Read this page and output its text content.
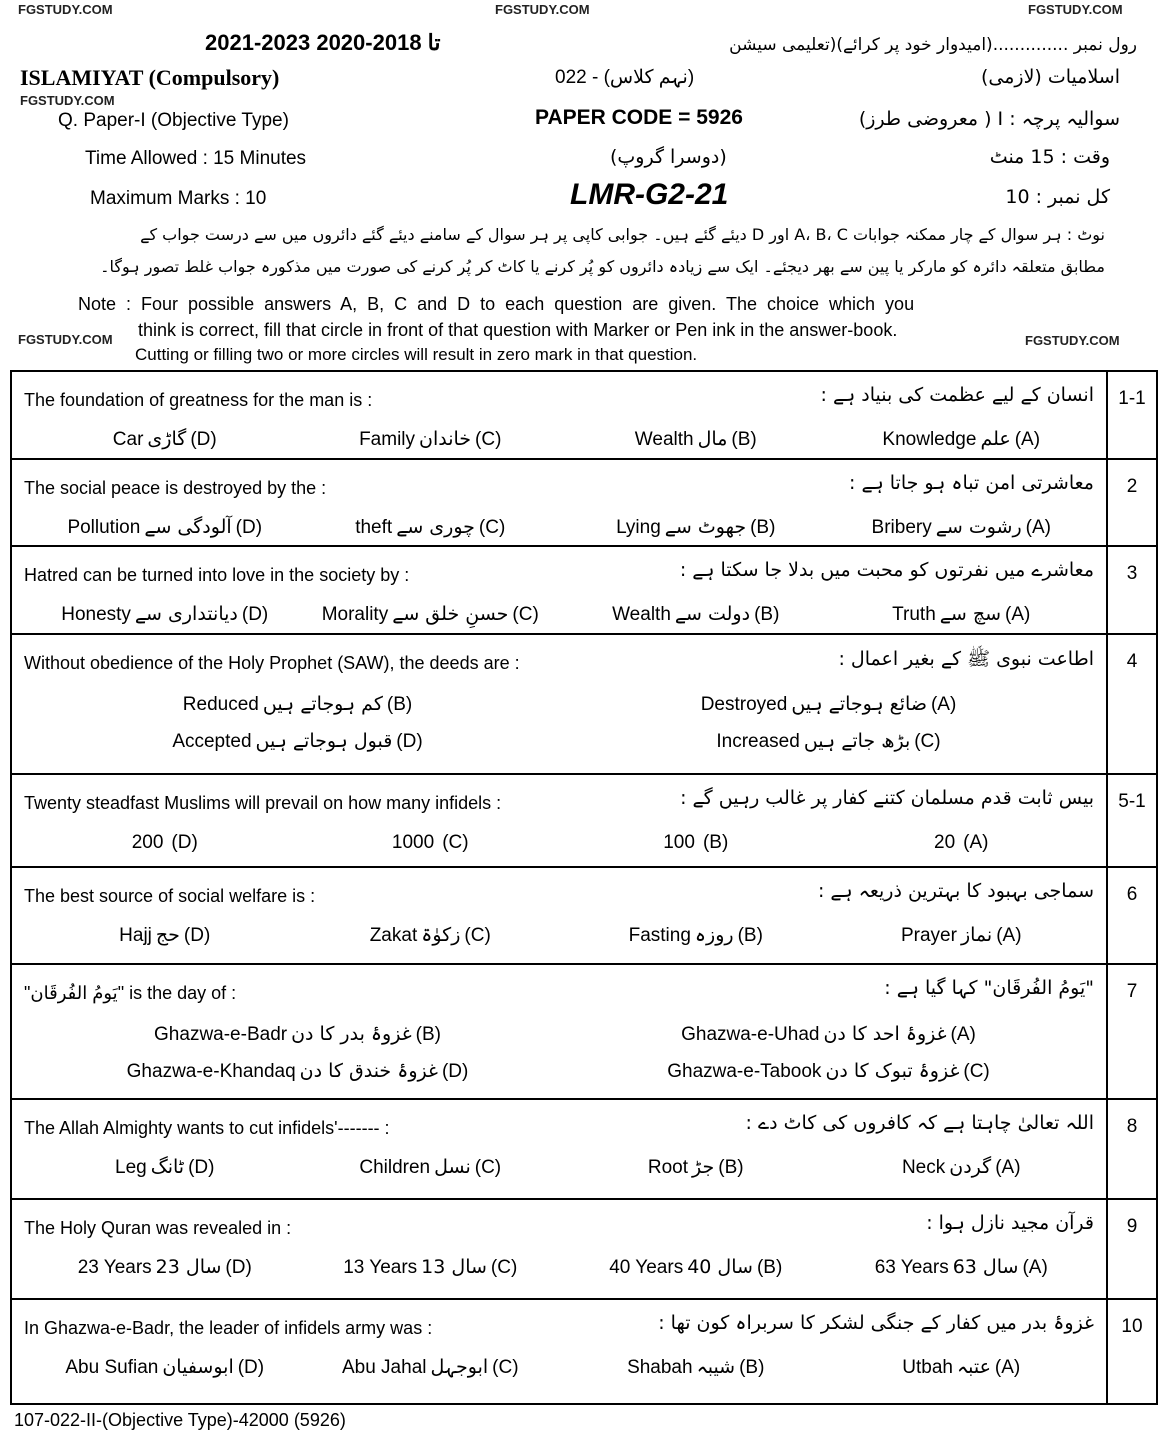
FGSTUDY.COM	FGSTUDY.COM	FGSTUDY.COM
رول نمبر ..............(امیدوار خود پر کرائے)(تعلیمی سیشن
2021-2023 تا 2018-2020
ISLAMIYAT (Compulsory)	022 - (نہم کلاس)	اسلامیات (لازمی)
FGSTUDY.COM
Q. Paper-I (Objective Type)	PAPER CODE = 5926	سوالیہ پرچہ : I ( معروضی طرز)
Time Allowed : 15 Minutes	(دوسرا گروپ)	وقت : 15 منٹ
Maximum Marks : 10	LMR-G2-21	کل نمبر : 10
نوٹ : ہر سوال کے چار ممکنہ جوابات A، B، C اور D دیئے گئے ہیں۔ جوابی کاپی پر ہر سوال کے سامنے دیئے گئے دائروں میں سے درست جواب کے
مطابق متعلقہ دائرہ کو مارکر یا پین سے بھر دیجئے۔ ایک سے زیادہ دائروں کو پُر کرنے یا کاٹ کر پُر کرنے کی صورت میں مذکورہ جواب غلط تصور ہوگا۔
Note : Four possible answers A, B, C and D to each question are given. The choice which you
think is correct, fill that circle in front of that question with Marker or Pen ink in the answer-book.
FGSTUDY.COM	FGSTUDY.COM
Cutting or filling two or more circles will result in zero mark in that question.
1-1
The foundation of greatness for the man is :	انسان کے لیے عظمت کی بنیاد ہے :
Car گاڑی (D)	Family خاندان (C)	Wealth مال (B)	Knowledge علم (A)
2
The social peace is destroyed by the :	معاشرتی امن تباہ ہو جاتا ہے :
Pollution آلودگی سے (D)	theft چوری سے (C)	Lying جھوٹ سے (B)	Bribery رشوت سے (A)
3
Hatred can be turned into love in the society by :	معاشرے میں نفرتوں کو محبت میں بدلا جا سکتا ہے :
Honesty دیانتداری سے (D)	Morality حسنِ خلق سے (C)	Wealth دولت سے (B)	Truth سچ سے (A)
4
Without obedience of the Holy Prophet (SAW), the deeds are :	اطاعت نبوی ﷺ کے بغیر اعمال :
Reduced کم ہوجاتے ہیں (B)	Destroyed ضائع ہوجاتے ہیں (A)
Accepted قبول ہوجاتے ہیں (D)	Increased بڑھ جاتے ہیں (C)
5-1
Twenty steadfast Muslims will prevail on how many infidels :	بیس ثابت قدم مسلمان کتنے کفار پر غالب رہیں گے :
200 (D)	1000 (C)	100 (B)	20 (A)
6
The best source of social welfare is :	سماجی بہبود کا بہترین ذریعہ ہے :
Hajj حج (D)	Zakat زکوٰۃ (C)	Fasting روزہ (B)	Prayer نماز (A)
7
"یَومُ الفُرقَان" is the day of :	"یَومُ الفُرقَان" کہا گیا ہے :
Ghazwa-e-Badr غزوۂ بدر کا دن (B)	Ghazwa-e-Uhad غزوۂ احد کا دن (A)
Ghazwa-e-Khandaq غزوۂ خندق کا دن (D)	Ghazwa-e-Tabook غزوۂ تبوک کا دن (C)
8
The Allah Almighty wants to cut infidels'------- :	اللہ تعالیٰ چاہتا ہے کہ کافروں کی کاٹ دے :
Leg ٹانگ (D)	Children نسل (C)	Root جڑ (B)	Neck گردن (A)
9
The Holy Quran was revealed in :	قرآن مجید نازل ہوا :
23 Years 23 سال (D)	13 Years 13 سال (C)	40 Years 40 سال (B)	63 Years 63 سال (A)
10
In Ghazwa-e-Badr, the leader of infidels army was :	غزوۂ بدر میں کفار کے جنگی لشکر کا سربراہ کون تھا :
Abu Sufian ابوسفیان (D)	Abu Jahal ابوجہل (C)	Shabah شیبہ (B)	Utbah عتبہ (A)
107-022-II-(Objective Type)-42000 (5926)
